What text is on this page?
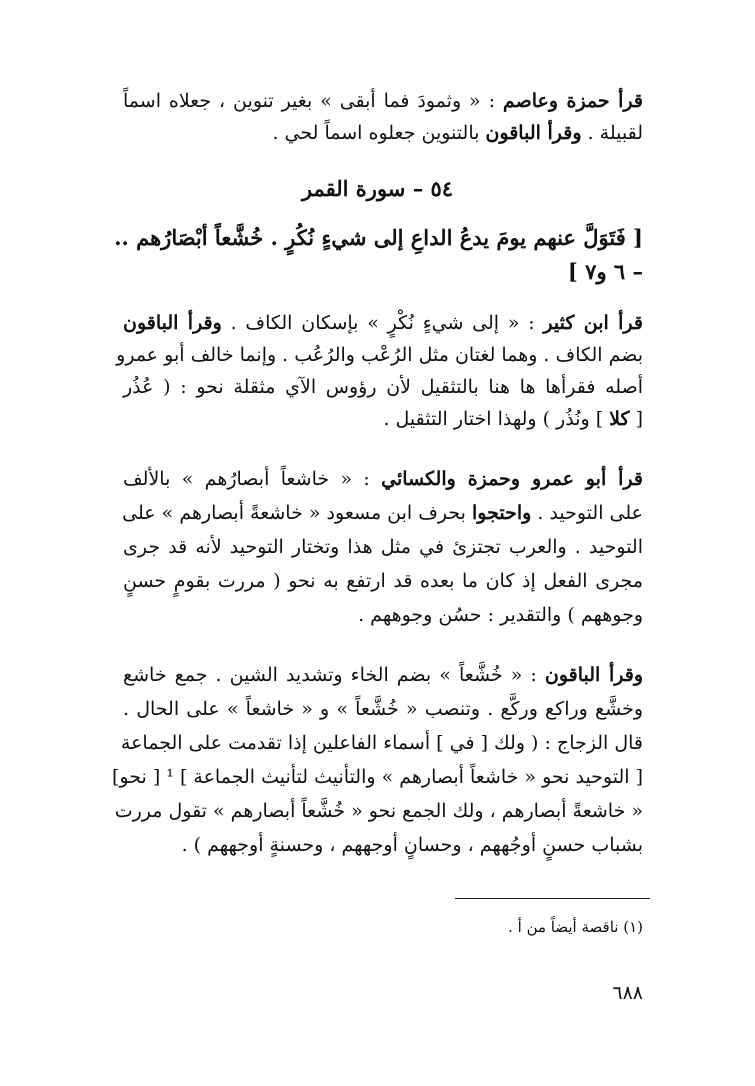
قرأ حمزة وعاصم : « وثمودَ فما أبقى » بغير تنوين ، جعلاه اسماً
لقبيلة . وقرأ الباقون بالتنوين جعلوه اسماً لحي .
٥٤ – سورة القمر
[ فَتَوَلَّ عنهم يومَ يدعُ الداعِ إلى شيءٍ نُكُرٍ . خُشَّعاً أبْصَارُهم ..
– ٦ و٧ ]
قرأ ابن كثير : « إلى شيءٍ نُكْرٍ » بإسكان الكاف . وقرأ الباقون
بضم الكاف . وهما لغتان مثل الرُعْب والرُعُب . وإنما خالف أبو عمرو
أصله فقرأها ها هنا بالتثقيل لأن رؤوس الآي مثقلة نحو : ( عُذُر
[ كلا ] ونُذُر ) ولهذا اختار التثقيل .
قرأ أبو عمرو وحمزة والكسائي : « خاشعاً أبصارُهم » بالألف
على التوحيد . واحتجوا بحرف ابن مسعود « خاشعةً أبصارهم » على
التوحيد . والعرب تجتزئ في مثل هذا وتختار التوحيد لأنه قد جرى
مجرى الفعل إذ كان ما بعده قد ارتفع به نحو ( مررت بقومٍ حسنٍ
وجوههم ) والتقدير : حسُن وجوههم .
وقرأ الباقون : « خُشَّعاً » بضم الخاء وتشديد الشين . جمع خاشع
وخشَّع وراكع وركَّع . وتنصب « خُشَّعاً » و « خاشعاً » على الحال .
قال الزجاج : ( ولك [ في ] أسماء الفاعلين إذا تقدمت على الجماعة
[ التوحيد نحو « خاشعاً أبصارهم » والتأنيث لتأنيث الجماعة ] ¹ [ نحو]
« خاشعةً أبصارهم ، ولك الجمع نحو « خُشَّعاً أبصارهم » تقول مررت
بشباب حسنٍ أوجُههم ، وحسانٍ أوجههم ، وحسنةٍ أوجههم ) .
(١) ناقصة أيضاً من أ .
٦٨٨
